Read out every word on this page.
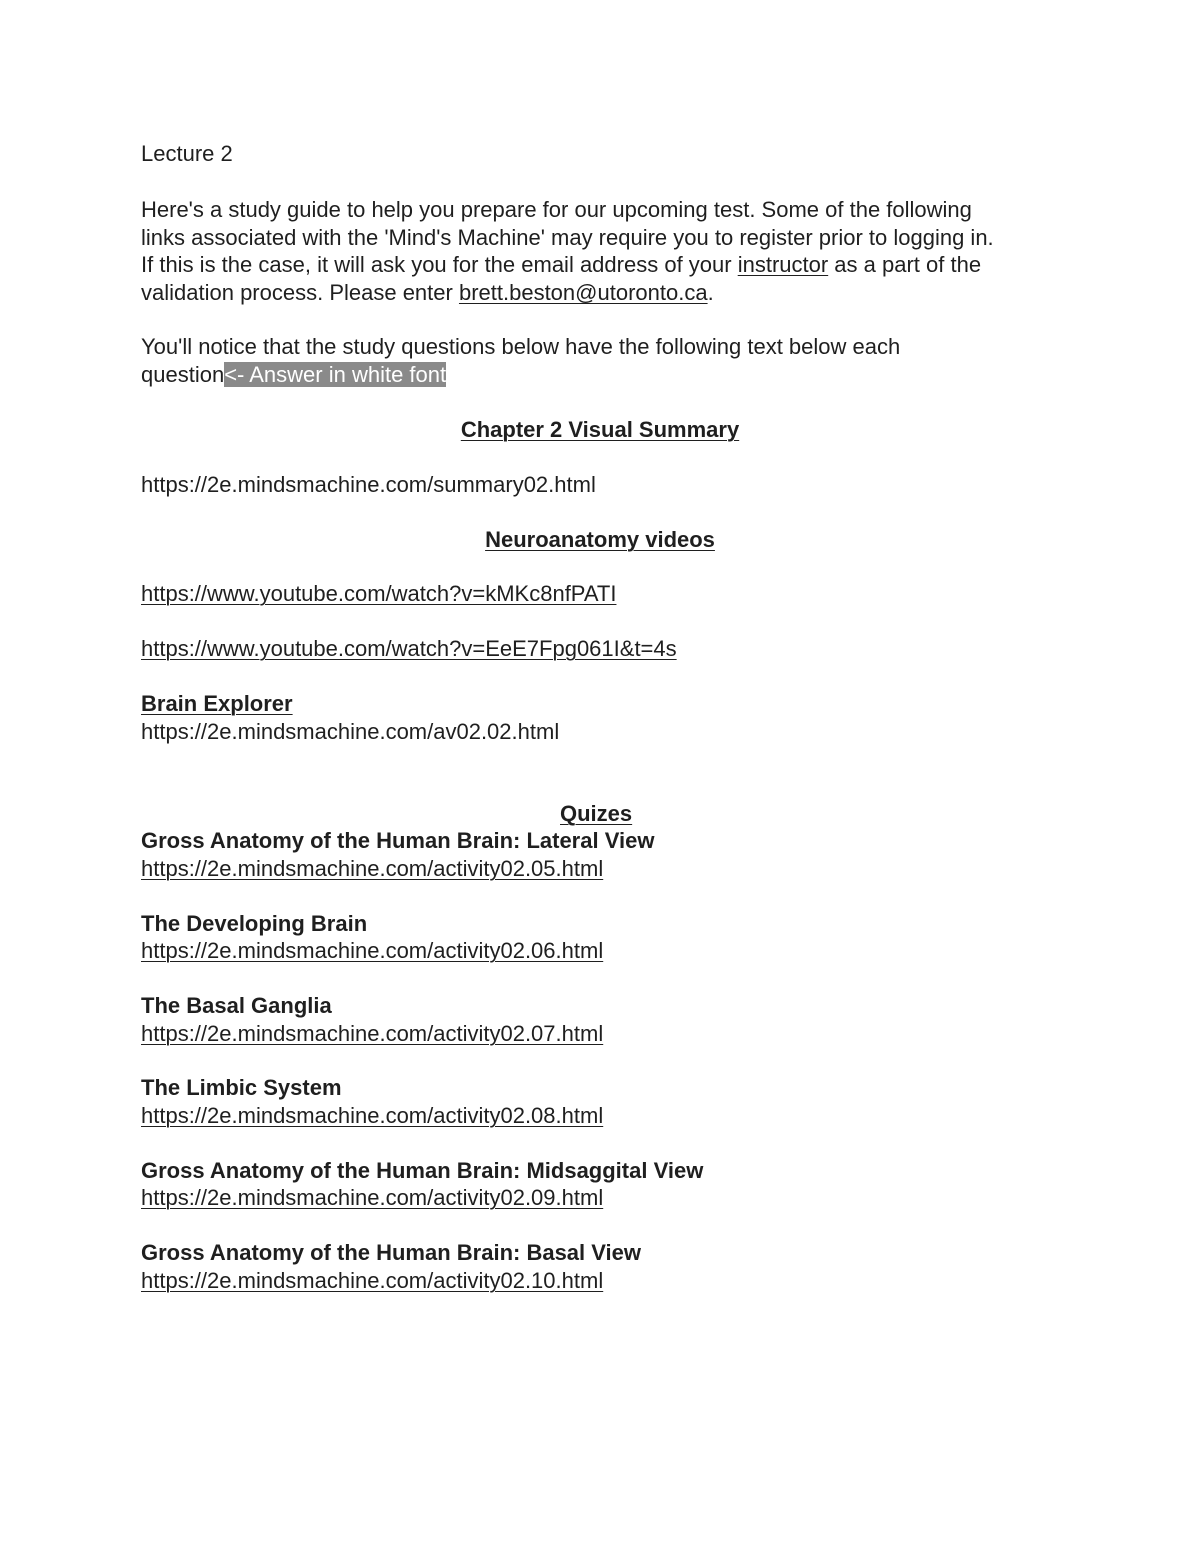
Lecture 2
Here's a study guide to help you prepare for our upcoming test. Some of the following
links associated with the 'Mind's Machine' may require you to register prior to logging in.
If this is the case, it will ask you for the email address of your instructor as a part of the
validation process. Please enter brett.beston@utoronto.ca.
You'll notice that the study questions below have the following text below each
question<- Answer in white font
Chapter 2 Visual Summary
https://2e.mindsmachine.com/summary02.html
Neuroanatomy videos
https://www.youtube.com/watch?v=kMKc8nfPATI
https://www.youtube.com/watch?v=EeE7Fpg061I&t=4s
Brain Explorer
https://2e.mindsmachine.com/av02.02.html
Quizes
Gross Anatomy of the Human Brain: Lateral View
https://2e.mindsmachine.com/activity02.05.html
The Developing Brain
https://2e.mindsmachine.com/activity02.06.html
The Basal Ganglia
https://2e.mindsmachine.com/activity02.07.html
The Limbic System
https://2e.mindsmachine.com/activity02.08.html
Gross Anatomy of the Human Brain: Midsaggital View
https://2e.mindsmachine.com/activity02.09.html
Gross Anatomy of the Human Brain: Basal View
https://2e.mindsmachine.com/activity02.10.html
